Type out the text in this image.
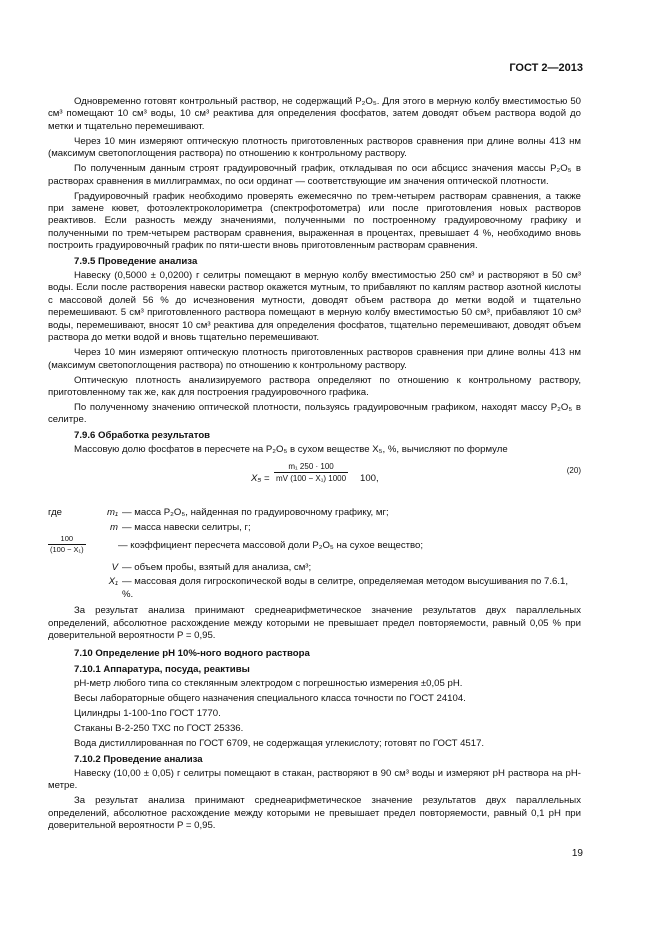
ГОСТ 2—2013

Одновременно готовят контрольный раствор, не содержащий P₂O₅. Для этого в мерную колбу вместимостью 50 см³ помещают 10 см³ воды, 10 см³ реактива для определения фосфатов, затем доводят объем раствора водой до метки и тщательно перемешивают.

Через 10 мин измеряют оптическую плотность приготовленных растворов сравнения при длине волны 413 нм (максимум светопоглощения раствора) по отношению к контрольному раствору.

По полученным данным строят градуировочный график, откладывая по оси абсцисс значения массы P₂O₅ в растворах сравнения в миллиграммах, по оси ординат — соответствующие им значения оптической плотности.

Градуировочный график необходимо проверять ежемесячно по трем-четырем растворам сравнения, а также при замене кювет, фотоэлектроколориметра (спектрофотометра) или после приготовления новых растворов реактивов. Если разность между значениями, полученными по построенному градуировочному графику и полученными по трем-четырем растворам сравнения, выраженная в процентах, превышает 4 %, необходимо вновь построить градуировочный график по пяти-шести вновь приготовленным растворам сравнения.

7.9.5 Проведение анализа

Навеску (0,5000 ± 0,0200) г селитры помещают в мерную колбу вместимостью 250 см³ и растворяют в 50 см³ воды. Если после растворения навески раствор окажется мутным, то прибавляют по каплям раствор азотной кислоты с массовой долей 56 % до исчезновения мутности, доводят объем раствора до метки водой и тщательно перемешивают. 5 см³ приготовленного раствора помещают в мерную колбу вместимостью 50 см³, прибавляют 10 см³ воды, перемешивают, вносят 10 см³ реактива для определения фосфатов, тщательно перемешивают, доводят объем раствора до метки водой и вновь тщательно перемешивают.

Через 10 мин измеряют оптическую плотность приготовленных растворов сравнения при длине волны 413 нм (максимум светопоглощения раствора) по отношению к контрольному раствору.

Оптическую плотность анализируемого раствора определяют по отношению к контрольному раствору, приготовленному так же, как для построения градуировочного графика.

По полученному значению оптической плотности, пользуясь градуировочным графиком, находят массу P₂O₅ в селитре.

7.9.6 Обработка результатов

Массовую долю фосфатов в пересчете на P₂O₅ в сухом веществе X₅, %, вычисляют по формуле

$X_5 = \frac{\text{m₁ 250 · 100}}{\text{mV (100 − X₁) 1000}} 100$,
(20)
где	m₁ — масса P₂O₅, найденная по градуировочному графику, мг;
m — масса навески селитры, г;
$\frac{100}{\text{(100 − X₁)}}$	— коэффициент пересчета массовой доли P₂O₅ на сухое вещество;
V — объем пробы, взятый для анализа, см³;
X₁ — массовая доля гигроскопической воды в селитре, определяемая методом высушивания по 7.6.1, %.

За результат анализа принимают среднеарифметическое значение результатов двух параллельных определений, абсолютное расхождение между которыми не превышает предел повторяемости, равный 0,05 % при доверительной вероятности P = 0,95.

7.10 Определение pH 10%-ного водного раствора
7.10.1 Аппаратура, посуда, реактивы

pH-метр любого типа со стеклянным электродом с погрешностью измерения ±0,05 pH.

Весы лабораторные общего назначения специального класса точности по ГОСТ 24104.

Цилиндры 1-100-1по ГОСТ 1770.

Стаканы В-2-250 ТХС по ГОСТ 25336.

Вода дистиллированная по ГОСТ 6709, не содержащая углекислоту; готовят по ГОСТ 4517.

7.10.2 Проведение анализа

Навеску (10,00 ± 0,05) г селитры помещают в стакан, растворяют в 90 см³ воды и измеряют pH раствора на pH-метре.

За результат анализа принимают среднеарифметическое значение результатов двух параллельных определений, абсолютное расхождение между которыми не превышает предел повторяемости, равный 0,1 pH при доверительной вероятности P = 0,95.

19
